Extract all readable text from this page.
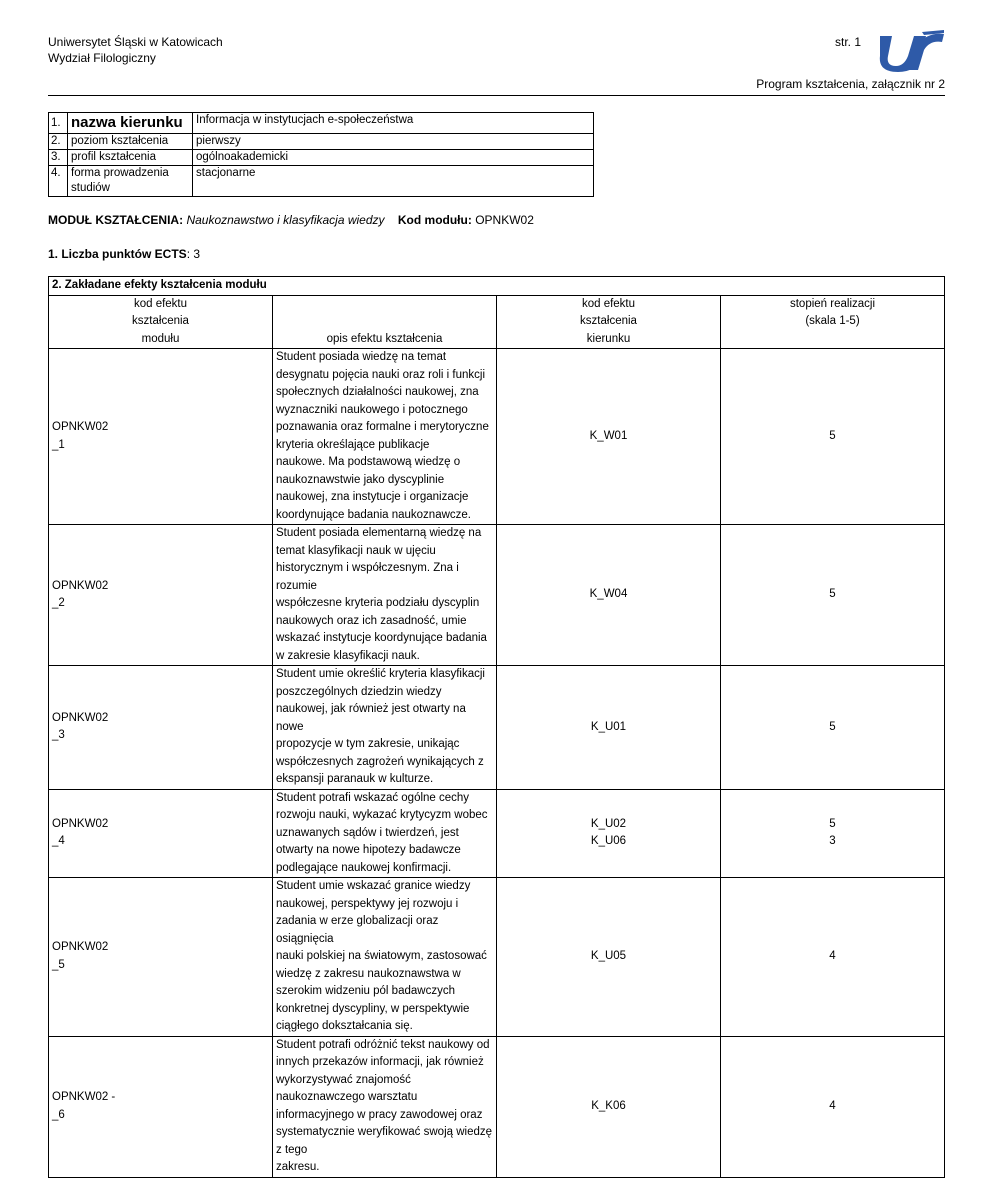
Uniwersytet Śląski w Katowicach
Wydział Filologiczny
str. 1
Program kształcenia, załącznik nr 2
1.	nazwa kierunku	Informacja w instytucjach e-społeczeństwa
2.	poziom kształcenia	pierwszy
3.	profil kształcenia	ogólnoakademicki
4.	forma prowadzenia studiów	stacjonarne
MODUŁ KSZTAŁCENIA: Naukoznawstwo i klasyfikacja wiedzy Kod modułu: OPNKW02
1. Liczba punktów ECTS: 3
2. Zakładane efekty kształcenia modułu			

kod efektu
kształcenia
modułu	opis efektu kształcenia	kod efektu
kształcenia
kierunku	stopień realizacji
(skala 1-5)

OPNKW02
_1	Student posiada wiedzę na temat desygnatu pojęcia nauki oraz roli i funkcji społecznych działalności naukowej, zna
wyznaczniki naukowego i potocznego poznawania oraz formalne i merytoryczne kryteria określające publikacje
naukowe. Ma podstawową wiedzę o naukoznawstwie jako dyscyplinie naukowej, zna instytucje i organizacje
koordynujące badania naukoznawcze.	K_W01	5

OPNKW02
_2	Student posiada elementarną wiedzę na temat klasyfikacji nauk w ujęciu historycznym i współczesnym. Zna i rozumie
współczesne kryteria podziału dyscyplin naukowych oraz ich zasadność, umie wskazać instytucje koordynujące badania
w zakresie klasyfikacji nauk.	K_W04	5

OPNKW02
_3	Student umie określić kryteria klasyfikacji poszczególnych dziedzin wiedzy naukowej, jak również jest otwarty na nowe
propozycje w tym zakresie, unikając współczesnych zagrożeń wynikających z ekspansji paranauk w kulturze.	K_U01	5

OPNKW02
_4	Student potrafi wskazać ogólne cechy rozwoju nauki, wykazać krytycyzm wobec uznawanych sądów i twierdzeń, jest
otwarty na nowe hipotezy badawcze podlegające naukowej konfirmacji.	K_U02
K_U06	5
3

OPNKW02
_5	Student umie wskazać granice wiedzy naukowej, perspektywy jej rozwoju i zadania w erze globalizacji oraz osiągnięcia
nauki polskiej na światowym, zastosować wiedzę z zakresu naukoznawstwa w szerokim widzeniu pól badawczych
konkretnej dyscypliny, w perspektywie ciągłego dokształcania się.	K_U05	4

OPNKW02 -
_6	Student potrafi odróżnić tekst naukowy od innych przekazów informacji, jak również wykorzystywać znajomość
naukoznawczego warsztatu informacyjnego w pracy zawodowej oraz systematycznie weryfikować swoją wiedzę z tego
zakresu.	K_K06	4
